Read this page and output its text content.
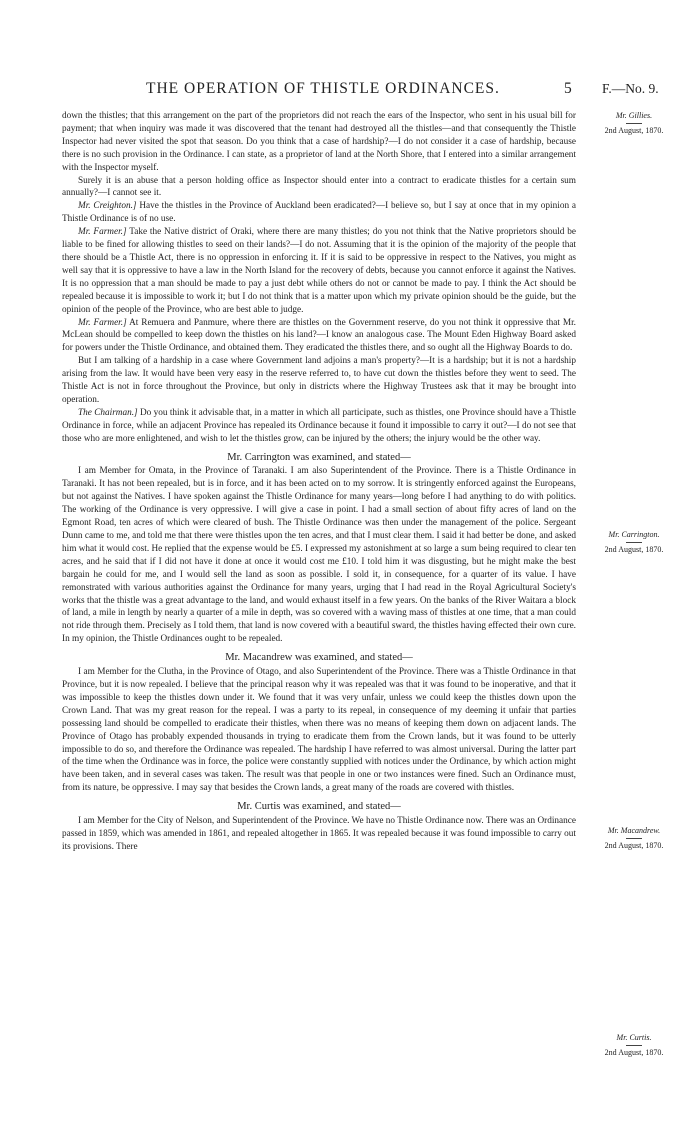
THE OPERATION OF THISTLE ORDINANCES.	5 F.—No. 9.
Mr. Gillies.
2nd August, 1870.
Mr. Carrington.
2nd August, 1870.
Mr. Macandrew.
2nd August, 1870.
Mr. Curtis.
2nd August, 1870.

down the thistles; that this arrangement on the part of the proprietors did not reach the ears of the Inspector, who sent in his usual bill for payment; that when inquiry was made it was discovered that the tenant had destroyed all the thistles—and that consequently the Thistle Inspector had never visited the spot that season. Do you think that a case of hardship?—I do not consider it a case of hardship, because there is no such provision in the Ordinance. I can state, as a proprietor of land at the North Shore, that I entered into a similar arrangement with the Inspector myself.

Surely it is an abuse that a person holding office as Inspector should enter into a contract to eradicate thistles for a certain sum annually?—I cannot see it.

Mr. Creighton.] Have the thistles in the Province of Auckland been eradicated?—I believe so, but I say at once that in my opinion a Thistle Ordinance is of no use.

Mr. Farmer.] Take the Native district of Oraki, where there are many thistles; do you not think that the Native proprietors should be liable to be fined for allowing thistles to seed on their lands?—I do not. Assuming that it is the opinion of the majority of the people that there should be a Thistle Act, there is no oppression in enforcing it. If it is said to be oppressive in respect to the Natives, you might as well say that it is oppressive to have a law in the North Island for the recovery of debts, because you cannot enforce it against the Natives. It is no oppression that a man should be made to pay a just debt while others do not or cannot be made to pay. I think the Act should be repealed because it is impossible to work it; but I do not think that is a matter upon which my private opinion should be the guide, but the opinion of the people of the Province, who are best able to judge.

Mr. Farmer.] At Remuera and Panmure, where there are thistles on the Government reserve, do you not think it oppressive that Mr. McLean should be compelled to keep down the thistles on his land?—I know an analogous case. The Mount Eden Highway Board asked for powers under the Thistle Ordinance, and obtained them. They eradicated the thistles there, and so ought all the Highway Boards to do.

But I am talking of a hardship in a case where Government land adjoins a man's property?—It is a hardship; but it is not a hardship arising from the law. It would have been very easy in the reserve referred to, to have cut down the thistles before they went to seed. The Thistle Act is not in force throughout the Province, but only in districts where the Highway Trustees ask that it may be brought into operation.

The Chairman.] Do you think it advisable that, in a matter in which all participate, such as thistles, one Province should have a Thistle Ordinance in force, while an adjacent Province has repealed its Ordinance because it found it impossible to carry it out?—I do not see that those who are more enlightened, and wish to let the thistles grow, can be injured by the others; the injury would be the other way.

Mr. Carrington was examined, and stated—

I am Member for Omata, in the Province of Taranaki. I am also Superintendent of the Province. There is a Thistle Ordinance in Taranaki. It has not been repealed, but is in force, and it has been acted on to my sorrow. It is stringently enforced against the Europeans, but not against the Natives. I have spoken against the Thistle Ordinance for many years—long before I had anything to do with politics. The working of the Ordinance is very oppressive. I will give a case in point. I had a small section of about fifty acres of land on the Egmont Road, ten acres of which were cleared of bush. The Thistle Ordinance was then under the management of the police. Sergeant Dunn came to me, and told me that there were thistles upon the ten acres, and that I must clear them. I said it had better be done, and asked him what it would cost. He replied that the expense would be £5. I expressed my astonishment at so large a sum being required to clear ten acres, and he said that if I did not have it done at once it would cost me £10. I told him it was disgusting, but he might make the best bargain he could for me, and I would sell the land as soon as possible. I sold it, in consequence, for a quarter of its value. I have remonstrated with various authorities against the Ordinance for many years, urging that I had read in the Royal Agricultural Society's works that the thistle was a great advantage to the land, and would exhaust itself in a few years. On the banks of the River Waitara a block of land, a mile in length by nearly a quarter of a mile in depth, was so covered with a waving mass of thistles at one time, that a man could not ride through them. Precisely as I told them, that land is now covered with a beautiful sward, the thistles having effected their own cure. In my opinion, the Thistle Ordinances ought to be repealed.

Mr. Macandrew was examined, and stated—

I am Member for the Clutha, in the Province of Otago, and also Superintendent of the Province. There was a Thistle Ordinance in that Province, but it is now repealed. I believe that the principal reason why it was repealed was that it was found to be inoperative, and that it was impossible to keep the thistles down under it. We found that it was very unfair, unless we could keep the thistles down upon the Crown Land. That was my great reason for the repeal. I was a party to its repeal, in consequence of my deeming it unfair that parties possessing land should be compelled to eradicate their thistles, when there was no means of keeping them down on adjacent lands. The Province of Otago has probably expended thousands in trying to eradicate them from the Crown lands, but it was found to be utterly impossible to do so, and therefore the Ordinance was repealed. The hardship I have referred to was almost universal. During the latter part of the time when the Ordinance was in force, the police were constantly supplied with notices under the Ordinance, by which action might have been taken, and in several cases was taken. The result was that people in one or two instances were fined. Such an Ordinance must, from its nature, be oppressive. I may say that besides the Crown lands, a great many of the roads are covered with thistles.

Mr. Curtis was examined, and stated—

I am Member for the City of Nelson, and Superintendent of the Province. We have no Thistle Ordinance now. There was an Ordinance passed in 1859, which was amended in 1861, and repealed altogether in 1865. It was repealed because it was found impossible to carry out its provisions. There
